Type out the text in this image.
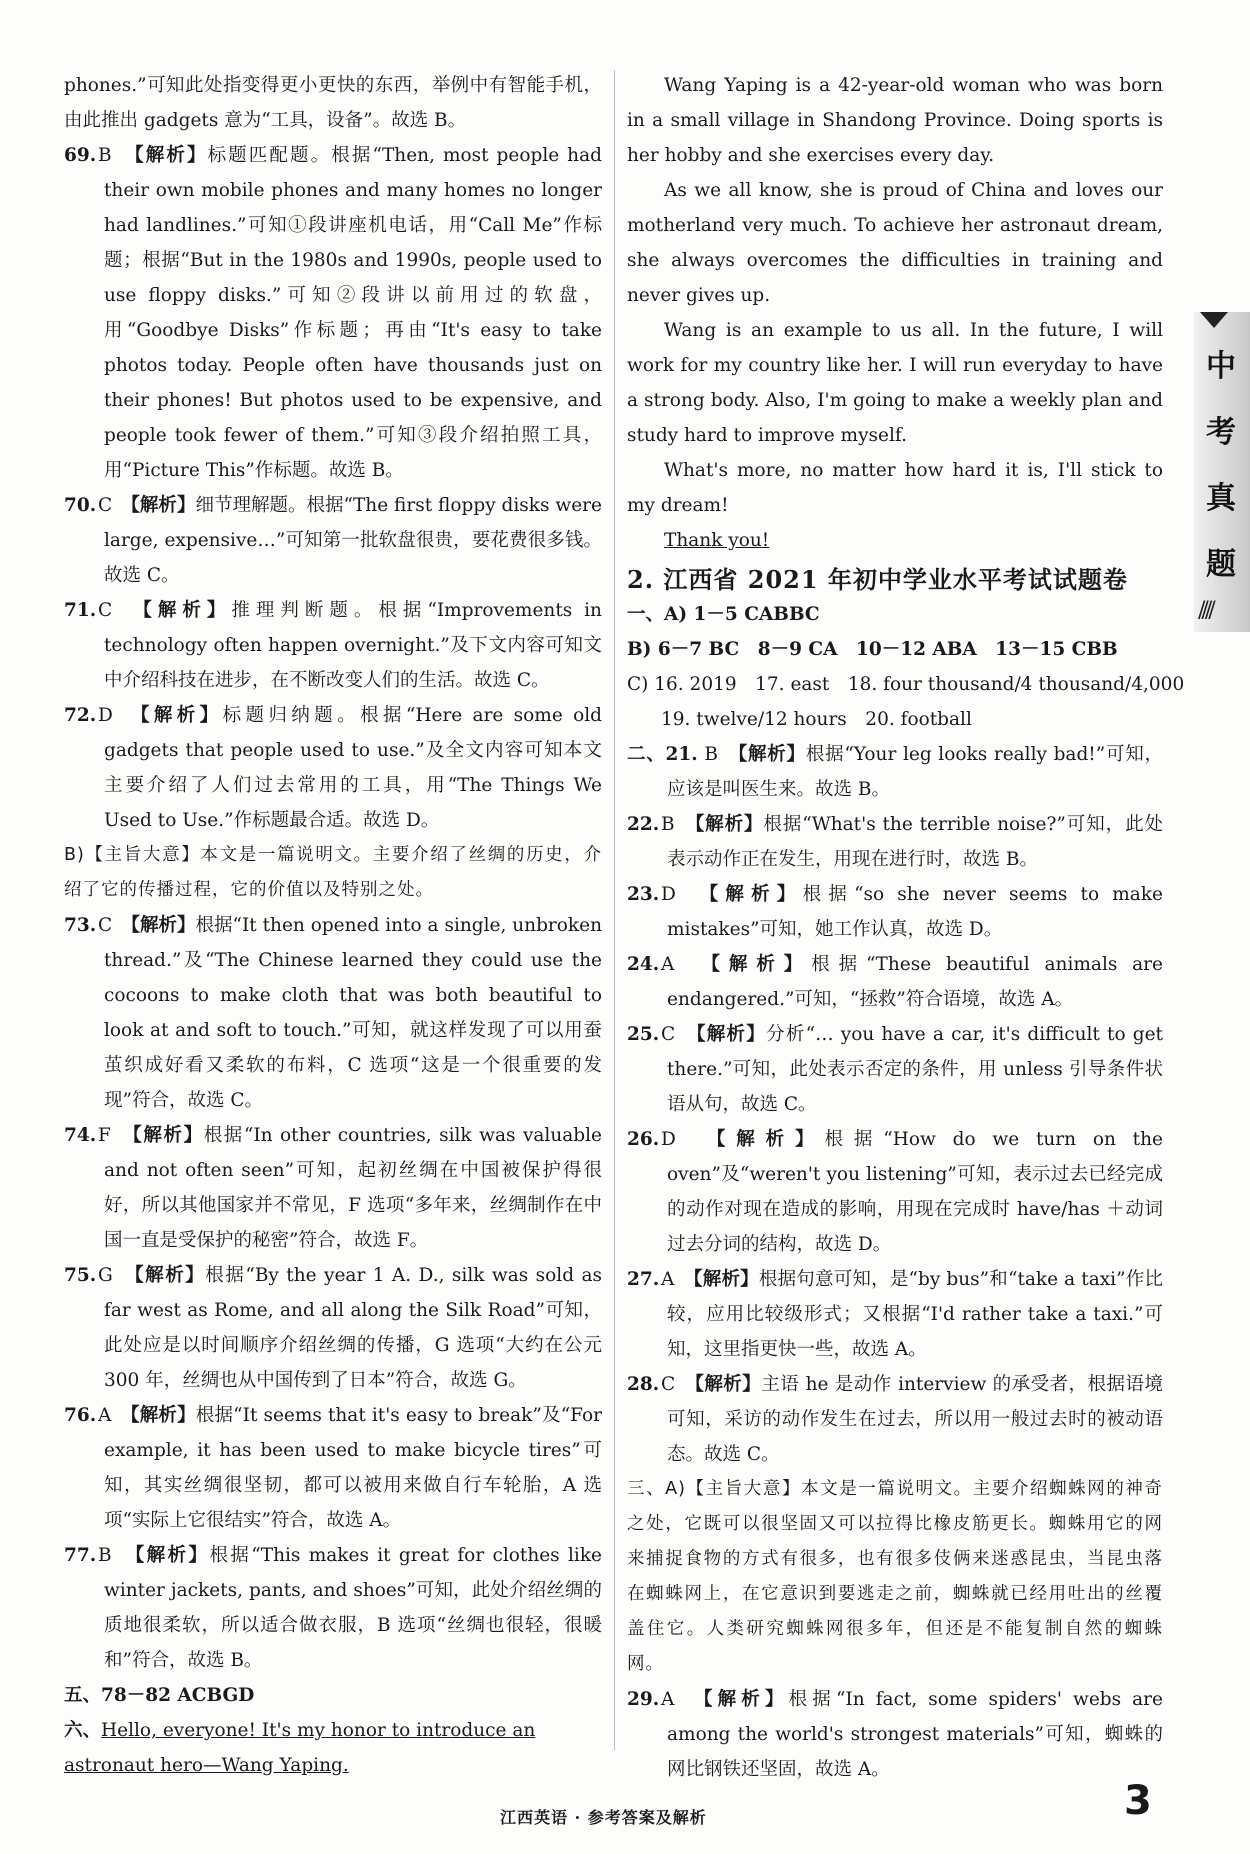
phones.”可知此处指变得更小更快的东西，举例中有智能手机，由此推出 gadgets 意为“工具，设备”。故选 B。
69.B　 【解析】标题匹配题。根据“Then, most people had their own mobile phones and many homes no longer had landlines.”可知①段讲座机电话，用“Call Me”作标题；根据“But in the 1980s and 1990s, people used to use floppy disks.”可知②段讲以前用过的软盘，用“Goodbye Disks”作标题；再由“It's easy to take photos today. People often have thousands just on their phones! But photos used to be expensive, and people took fewer of them.”可知③段介绍拍照工具，用“Picture This”作标题。故选 B。
70.C　 【解析】细节理解题。根据“The first floppy disks were large, expensive…”可知第一批软盘很贵，要花费很多钱。故选 C。
71.C　 【解析】推理判断题。根据“Improvements in technology often happen overnight.”及下文内容可知文中介绍科技在进步，在不断改变人们的生活。故选 C。
72.D　 【解析】标题归纳题。根据“Here are some old gadgets that people used to use.”及全文内容可知本文主要介绍了人们过去常用的工具，用“The Things We Used to Use.”作标题最合适。故选 D。
B)【主旨大意】本文是一篇说明文。主要介绍了丝绸的历史，介绍了它的传播过程，它的价值以及特别之处。
73.C　 【解析】根据“It then opened into a single, unbroken thread.”及“The Chinese learned they could use the cocoons to make cloth that was both beautiful to look at and soft to touch.”可知，就这样发现了可以用蚕茧织成好看又柔软的布料，C 选项“这是一个很重要的发现”符合，故选 C。
74.F　 【解析】根据“In other countries, silk was valuable and not often seen”可知，起初丝绸在中国被保护得很好，所以其他国家并不常见，F 选项“多年来，丝绸制作在中国一直是受保护的秘密”符合，故选 F。
75.G　 【解析】根据“By the year 1 A. D., silk was sold as far west as Rome, and all along the Silk Road”可知，此处应是以时间顺序介绍丝绸的传播，G 选项“大约在公元 300 年，丝绸也从中国传到了日本”符合，故选 G。
76.A　 【解析】根据“It seems that it's easy to break”及“For example, it has been used to make bicycle tires”可知，其实丝绸很坚韧，都可以被用来做自行车轮胎，A 选项“实际上它很结实”符合，故选 A。
77.B　 【解析】根据“This makes it great for clothes like winter jackets, pants, and shoes”可知，此处介绍丝绸的质地很柔软，所以适合做衣服，B 选项“丝绸也很轻，很暖和”符合，故选 B。
五、78－82 ACBGD
六、Hello, everyone! It's my honor to introduce an astronaut hero—Wang Yaping.
Wang Yaping is a 42-year-old woman who was born in a small village in Shandong Province. Doing sports is her hobby and she exercises every day.
As we all know, she is proud of China and loves our motherland very much. To achieve her astronaut dream, she always overcomes the difficulties in training and never gives up.
Wang is an example to us all. In the future, I will work for my country like her. I will run everyday to have a strong body. Also, I'm going to make a weekly plan and study hard to improve myself.
What's more, no matter how hard it is, I'll stick to my dream!
Thank you!
2. 江西省 2021 年初中学业水平考试试题卷
一、A) 1－5 CABBC
B) 6－7 BC　8－9 CA　10－12 ABA　13－15 CBB
C) 16. 2019　17. east　18. four thousand/4 thousand/4,000
19. twelve/12 hours　20. football
二、21. B　 【解析】根据“Your leg looks really bad!”可知，应该是叫医生来。故选 B。
22.B　 【解析】根据“What's the terrible noise?”可知，此处表示动作正在发生，用现在进行时，故选 B。
23.D　 【解析】根据“so she never seems to make mistakes”可知，她工作认真，故选 D。
24.A　 【解析】根据“These beautiful animals are endangered.”可知，“拯救”符合语境，故选 A。
25.C　 【解析】分析“… you have a car, it's difficult to get there.”可知，此处表示否定的条件，用 unless 引导条件状语从句，故选 C。
26.D　 【解析】根据“How do we turn on the oven”及“weren't you listening”可知，表示过去已经完成的动作对现在造成的影响，用现在完成时 have/has ＋动词过去分词的结构，故选 D。
27.A　 【解析】根据句意可知，是“by bus”和“take a taxi”作比较，应用比较级形式；又根据“I'd rather take a taxi.”可知，这里指更快一些，故选 A。
28.C　 【解析】主语 he 是动作 interview 的承受者，根据语境可知，采访的动作发生在过去，所以用一般过去时的被动语态。故选 C。
三、A)【主旨大意】本文是一篇说明文。主要介绍蜘蛛网的神奇之处，它既可以很坚固又可以拉得比橡皮筋更长。蜘蛛用它的网来捕捉食物的方式有很多，也有很多伎俩来迷惑昆虫，当昆虫落在蜘蛛网上，在它意识到要逃走之前，蜘蛛就已经用吐出的丝覆盖住它。人类研究蜘蛛网很多年，但还是不能复制自然的蜘蛛网。
29.A　 【解析】根据“In fact, some spiders' webs are among the world's strongest materials”可知，蜘蛛的网比钢铁还坚固，故选 A。
中
考
真
题
////
江西英语 · 参考答案及解析	3
